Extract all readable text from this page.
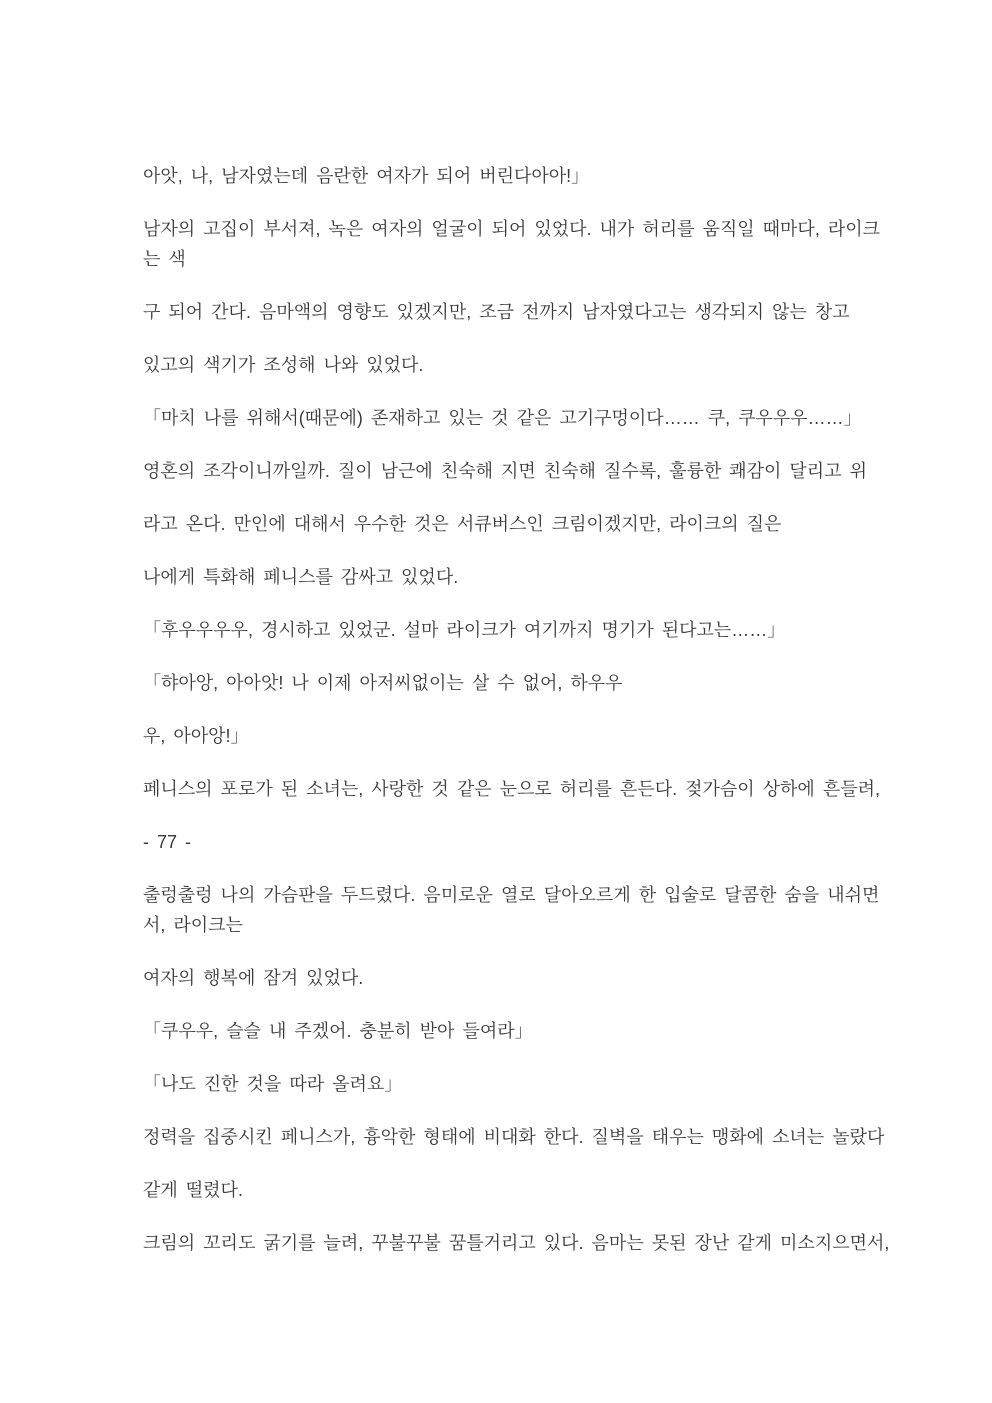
아앗, 나, 남자였는데 음란한 여자가 되어 버린다아아!」
남자의 고집이 부서져, 녹은 여자의 얼굴이 되어 있었다. 내가 허리를 움직일 때마다, 라이크
는 색
구 되어 간다. 음마액의 영향도 있겠지만, 조금 전까지 남자였다고는 생각되지 않는 창고
있고의 색기가 조성해 나와 있었다.
「마치 나를 위해서(때문에) 존재하고 있는 것 같은 고기구멍이다…… 쿠, 쿠우우우……」
영혼의 조각이니까일까. 질이 남근에 친숙해 지면 친숙해 질수록, 훌륭한 쾌감이 달리고 위
라고 온다. 만인에 대해서 우수한 것은 서큐버스인 크림이겠지만, 라이크의 질은
나에게 특화해 페니스를 감싸고 있었다.
「후우우우우, 경시하고 있었군. 설마 라이크가 여기까지 명기가 된다고는……」
「햐아앙, 아아앗! 나 이제 아저씨없이는 살 수 없어, 하우우
우, 아아앙!」
페니스의 포로가 된 소녀는, 사랑한 것 같은 눈으로 허리를 흔든다. 젖가슴이 상하에 흔들려,
- 77 -
출렁출렁 나의 가슴판을 두드렸다. 음미로운 열로 달아오르게 한 입술로 달콤한 숨을 내쉬면
서, 라이크는
여자의 행복에 잠겨 있었다.
「쿠우우, 슬슬 내 주겠어. 충분히 받아 들여라」
「나도 진한 것을 따라 올려요」
정력을 집중시킨 페니스가, 흉악한 형태에 비대화 한다. 질벽을 태우는 맹화에 소녀는 놀랐다
같게 떨렸다.
크림의 꼬리도 굵기를 늘려, 꾸불꾸불 꿈틀거리고 있다. 음마는 못된 장난 같게 미소지으면서,
